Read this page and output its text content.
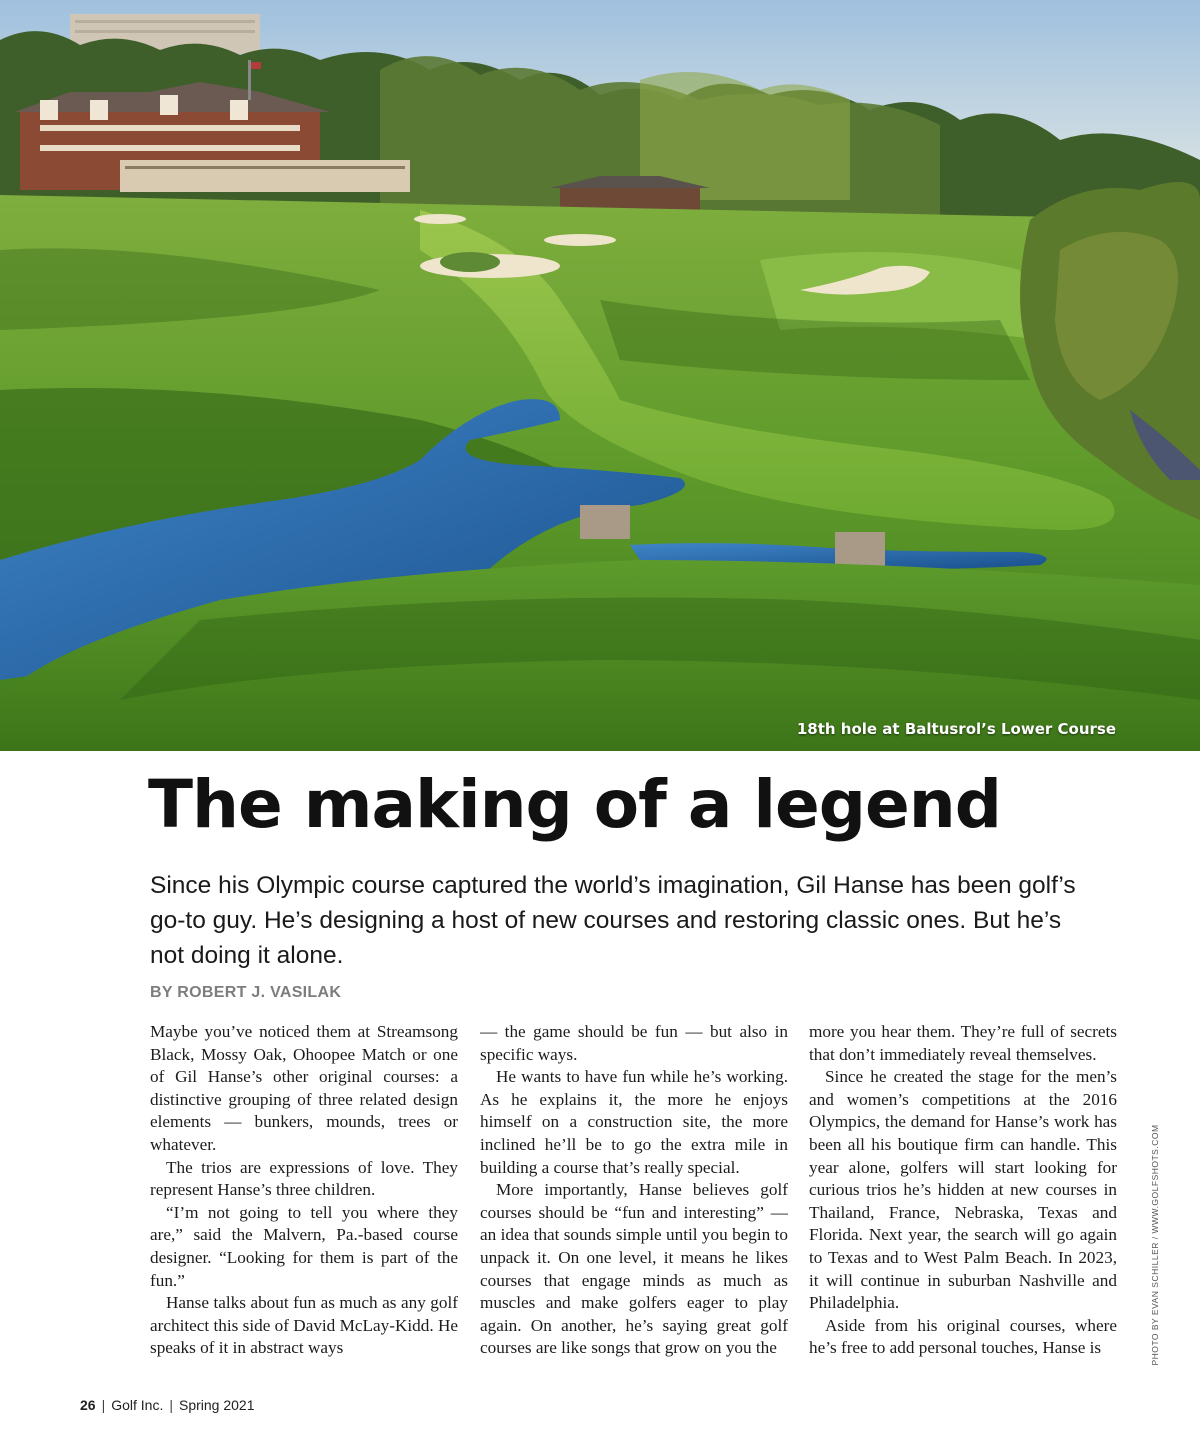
18th hole at Baltusrol’s Lower Course
The making of a legend

Since his Olympic course captured the world’s imagination, Gil Hanse has been golf’s go-to guy. He’s designing a host of new courses and restoring classic ones. But he’s not doing it alone.

BY ROBERT J. VASILAK

Maybe you’ve noticed them at Streamsong Black, Mossy Oak, Ohoopee Match or one of Gil Hanse’s other original courses: a distinctive grouping of three related design elements — bunkers, mounds, trees or whatever.

The trios are expressions of love. They represent Hanse’s three children.

“I’m not going to tell you where they are,” said the Malvern, Pa.-based course designer. “Looking for them is part of the fun.”

Hanse talks about fun as much as any golf architect this side of David McLay-Kidd. He speaks of it in abstract ways

— the game should be fun — but also in specific ways.

He wants to have fun while he’s working. As he explains it, the more he enjoys himself on a construction site, the more inclined he’ll be to go the extra mile in building a course that’s really special.

More importantly, Hanse believes golf courses should be “fun and interesting” — an idea that sounds simple until you begin to unpack it. On one level, it means he likes courses that engage minds as much as muscles and make golfers eager to play again. On another, he’s saying great golf courses are like songs that grow on you the

more you hear them. They’re full of secrets that don’t immediately reveal themselves.

Since he created the stage for the men’s and women’s competitions at the 2016 Olympics, the demand for Hanse’s work has been all his boutique firm can handle. This year alone, golfers will start looking for curious trios he’s hidden at new courses in Thailand, France, Nebraska, Texas and Florida. Next year, the search will go again to Texas and to West Palm Beach. In 2023, it will continue in suburban Nashville and Philadelphia.

Aside from his original courses, where he’s free to add personal touches, Hanse is	PHOTO BY EVAN SCHILLER / WWW.GOLFSHOTS.COM
26 | Golf Inc. | Spring 2021
